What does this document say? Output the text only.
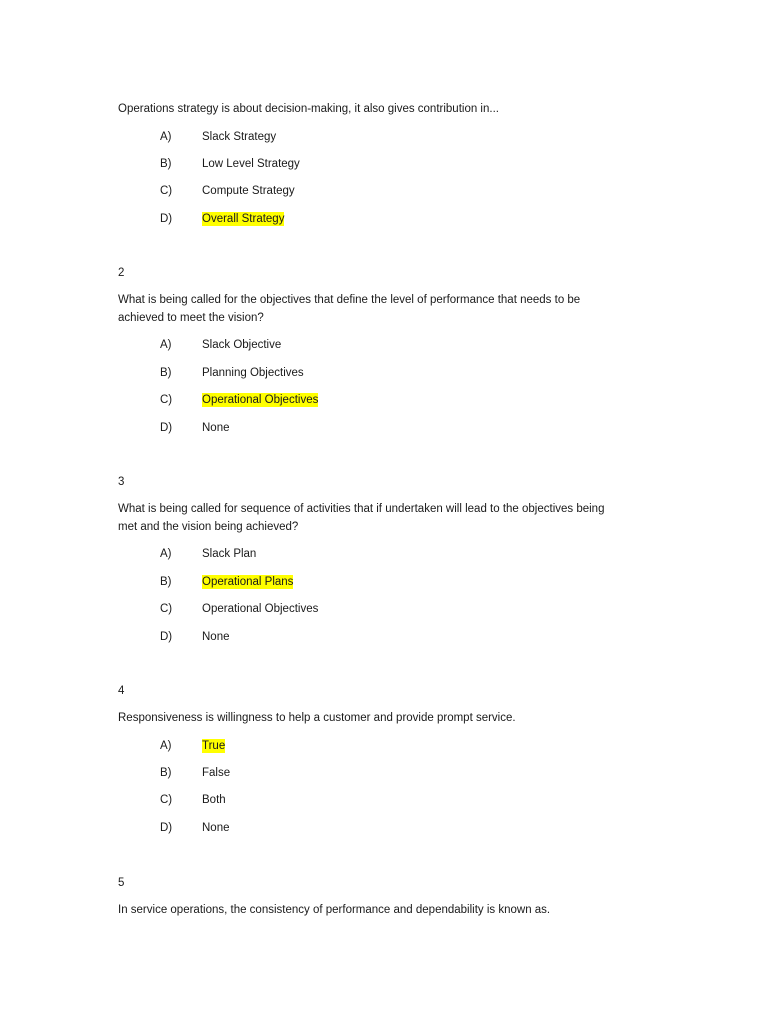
Operations strategy is about decision-making, it also gives contribution in...
A)	Slack Strategy
B)	Low Level Strategy
C)	Compute Strategy
D)	Overall Strategy
2
What is being called for the objectives that define the level of performance that needs to be
achieved to meet the vision?
A)	Slack Objective
B)	Planning Objectives
C)	Operational Objectives
D)	None
3
What is being called for sequence of activities that if undertaken will lead to the objectives being
met and the vision being achieved?
A)	Slack Plan
B)	Operational Plans
C)	Operational Objectives
D)	None
4
Responsiveness is willingness to help a customer and provide prompt service.
A)	True
B)	False
C)	Both
D)	None
5
In service operations, the consistency of performance and dependability is known as.
